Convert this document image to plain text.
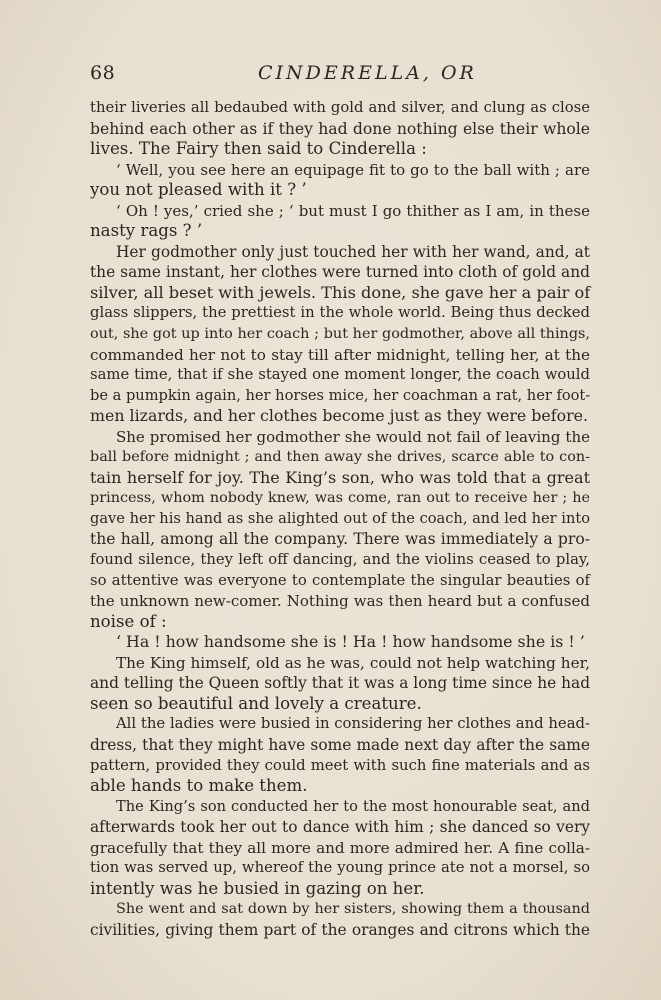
68	CINDERELLA, OR
their liveries all bedaubed with gold and silver, and clung as close
behind each other as if they had done nothing else their whole
lives. The Fairy then said to Cinderella :
‘ Well, you see here an equipage fit to go to the ball with ; are
you not pleased with it ? ’
‘ Oh ! yes,’ cried she ; ‘ but must I go thither as I am, in these
nasty rags ? ’
Her godmother only just touched her with her wand, and, at
the same instant, her clothes were turned into cloth of gold and
silver, all beset with jewels. This done, she gave her a pair of
glass slippers, the prettiest in the whole world. Being thus decked
out, she got up into her coach ; but her godmother, above all things,
commanded her not to stay till after midnight, telling her, at the
same time, that if she stayed one moment longer, the coach would
be a pumpkin again, her horses mice, her coachman a rat, her foot-
men lizards, and her clothes become just as they were before.
She promised her godmother she would not fail of leaving the
ball before midnight ; and then away she drives, scarce able to con-
tain herself for joy. The King’s son, who was told that a great
princess, whom nobody knew, was come, ran out to receive her ; he
gave her his hand as she alighted out of the coach, and led her into
the hall, among all the company. There was immediately a pro-
found silence, they left off dancing, and the violins ceased to play,
so attentive was everyone to contemplate the singular beauties of
the unknown new-comer. Nothing was then heard but a confused
noise of :
‘ Ha ! how handsome she is ! Ha ! how handsome she is ! ’
The King himself, old as he was, could not help watching her,
and telling the Queen softly that it was a long time since he had
seen so beautiful and lovely a creature.
All the ladies were busied in considering her clothes and head-
dress, that they might have some made next day after the same
pattern, provided they could meet with such fine materials and as
able hands to make them.
The King’s son conducted her to the most honourable seat, and
afterwards took her out to dance with him ; she danced so very
gracefully that they all more and more admired her. A fine colla-
tion was served up, whereof the young prince ate not a morsel, so
intently was he busied in gazing on her.
She went and sat down by her sisters, showing them a thousand
civilities, giving them part of the oranges and citrons which the
